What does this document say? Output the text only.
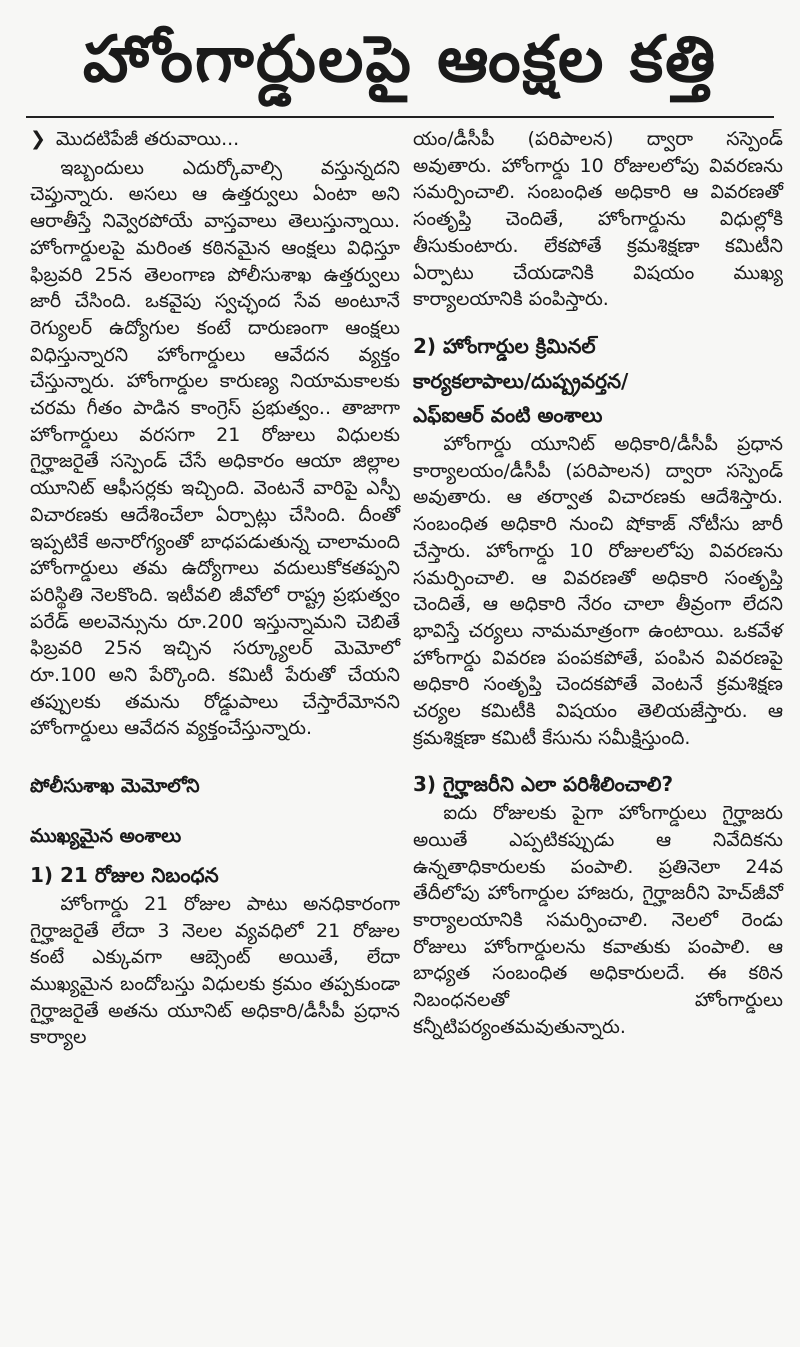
హోంగార్డులపై ఆంక్షల కత్తి
❯ మొదటిపేజీ తరువాయి...

ఇబ్బందులు ఎదుర్కోవాల్సి వస్తున్నదని చెప్తున్నారు. అసలు ఆ ఉత్తర్వులు ఏంటా అని ఆరాతీస్తే నివ్వెరపోయే వాస్తవాలు తెలుస్తున్నాయి. హోంగార్డులపై మరింత కఠినమైన ఆంక్షలు విధిస్తూ ఫిబ్రవరి 25న తెలంగాణ పోలీసుశాఖ ఉత్తర్వులు జారీ చేసింది. ఒకవైపు స్వచ్ఛంద సేవ అంటూనే రెగ్యులర్ ఉద్యోగుల కంటే దారుణంగా ఆంక్షలు విధిస్తున్నారని హోంగార్డులు ఆవేదన వ్యక్తం చేస్తున్నారు. హోంగార్డుల కారుణ్య నియామకాలకు చరమ గీతం పాడిన కాంగ్రెస్ ప్రభుత్వం.. తాజాగా హోంగార్డులు వరసగా 21 రోజులు విధులకు గైర్హాజరైతే సస్పెండ్ చేసే అధికారం ఆయా జిల్లాల యూనిట్ ఆఫీసర్లకు ఇచ్చింది. వెంటనే వారిపై ఎస్పీ విచారణకు ఆదేశించేలా ఏర్పాట్లు చేసింది. దీంతో ఇప్పటికే అనారోగ్యంతో బాధపడుతున్న చాలామంది హోంగార్డులు తమ ఉద్యోగాలు వదులుకోకతప్పని పరిస్థితి నెలకొంది. ఇటీవలి జీవోలో రాష్ట్ర ప్రభుత్వం పరేడ్ అలవెన్సును రూ.200 ఇస్తున్నామని చెబితే ఫిబ్రవరి 25న ఇచ్చిన సర్క్యూలర్ మెమోలో రూ.100 అని పేర్కొంది. కమిటీ పేరుతో చేయని తప్పులకు తమను రోడ్డుపాలు చేస్తారేమోనని హోంగార్డులు ఆవేదన వ్యక్తంచేస్తున్నారు.

పోలీసుశాఖ మెమోలోని
ముఖ్యమైన అంశాలు
1) 21 రోజుల నిబంధన

హోంగార్డు 21 రోజుల పాటు అనధికారంగా గైర్హాజరైతే లేదా 3 నెలల వ్యవధిలో 21 రోజుల కంటే ఎక్కువగా ఆబ్సెంట్ అయితే, లేదా ముఖ్యమైన బందోబస్తు విధులకు క్రమం తప్పకుండా గైర్హాజరైతే అతను యూనిట్ అధికారి/డీసీపీ ప్రధాన కార్యాల

యం/డీసీపీ (పరిపాలన) ద్వారా సస్పెండ్ అవుతారు. హోంగార్డు 10 రోజులలోపు వివరణను సమర్పించాలి. సంబంధిత అధికారి ఆ వివరణతో సంతృప్తి చెందితే, హోంగార్డును విధుల్లోకి తీసుకుంటారు. లేకపోతే క్రమశిక్షణా కమిటీని ఏర్పాటు చేయడానికి విషయం ముఖ్య కార్యాలయానికి పంపిస్తారు.

2) హోంగార్డుల క్రిమినల్
కార్యకలాపాలు/దుష్ప్రవర్తన/
ఎఫ్ఐఆర్ వంటి అంశాలు

హోంగార్డు యూనిట్ అధికారి/డీసీపీ ప్రధాన కార్యాలయం/డీసీపీ (పరిపాలన) ద్వారా సస్పెండ్ అవుతారు. ఆ తర్వాత విచారణకు ఆదేశిస్తారు. సంబంధిత అధికారి నుంచి షోకాజ్ నోటీసు జారీ చేస్తారు. హోంగార్డు 10 రోజులలోపు వివరణను సమర్పించాలి. ఆ వివరణతో అధికారి సంతృప్తి చెందితే, ఆ అధికారి నేరం చాలా తీవ్రంగా లేదని భావిస్తే చర్యలు నామమాత్రంగా ఉంటాయి. ఒకవేళ హోంగార్డు వివరణ పంపకపోతే, పంపిన వివరణపై అధికారి సంతృప్తి చెందకపోతే వెంటనే క్రమశిక్షణ చర్యల కమిటీకి విషయం తెలియజేస్తారు. ఆ క్రమశిక్షణా కమిటీ కేసును సమీక్షిస్తుంది.

3) గైర్హాజరీని ఎలా పరిశీలించాలి?

ఐదు రోజులకు పైగా హోంగార్డులు గైర్హాజరు అయితే ఎప్పటికప్పుడు ఆ నివేదికను ఉన్నతాధికారులకు పంపాలి. ప్రతినెలా 24వ తేదీలోపు హోంగార్డుల హాజరు, గైర్హాజరీని హెచ్‌జీవో కార్యాలయానికి సమర్పించాలి. నెలలో రెండు రోజులు హోంగార్డులను కవాతుకు పంపాలి. ఆ బాధ్యత సంబంధిత అధికారులదే. ఈ కఠిన నిబంధనలతో హోంగార్డులు కన్నీటిపర్యంతమవుతున్నారు.
